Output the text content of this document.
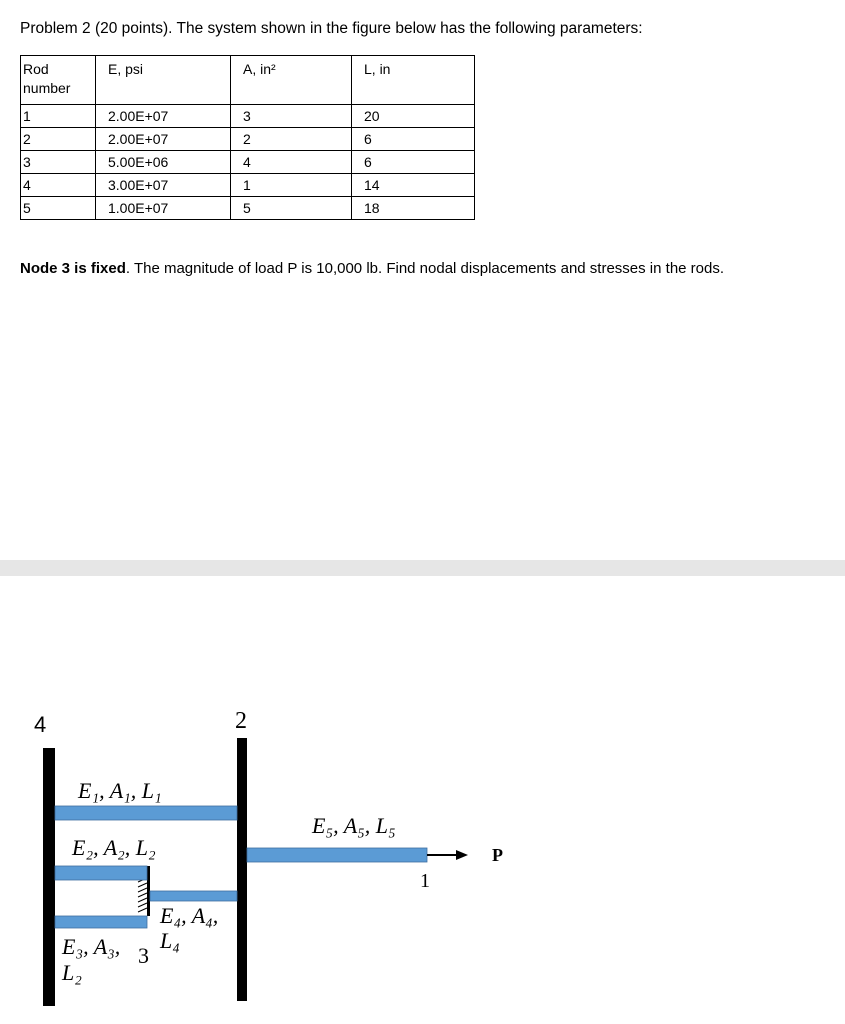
Problem 2 (20 points). The system shown in the figure below has the following parameters:
Rod number	E, psi	A, in²	L, in
1	2.00E+07	3	20
2	2.00E+07	2	6
3	5.00E+06	4	6
4	3.00E+07	1	14
5	1.00E+07	5	18
Node 3 is fixed. The magnitude of load P is 10,000 lb. Find nodal displacements and stresses in the rods.
4	2
1
3
P
E₁, A₁, L₁
E₂, A₂, L₂
E₃, A₃,
L₂
E₄, A₄,
L₄
E₅, A₅, L₅
